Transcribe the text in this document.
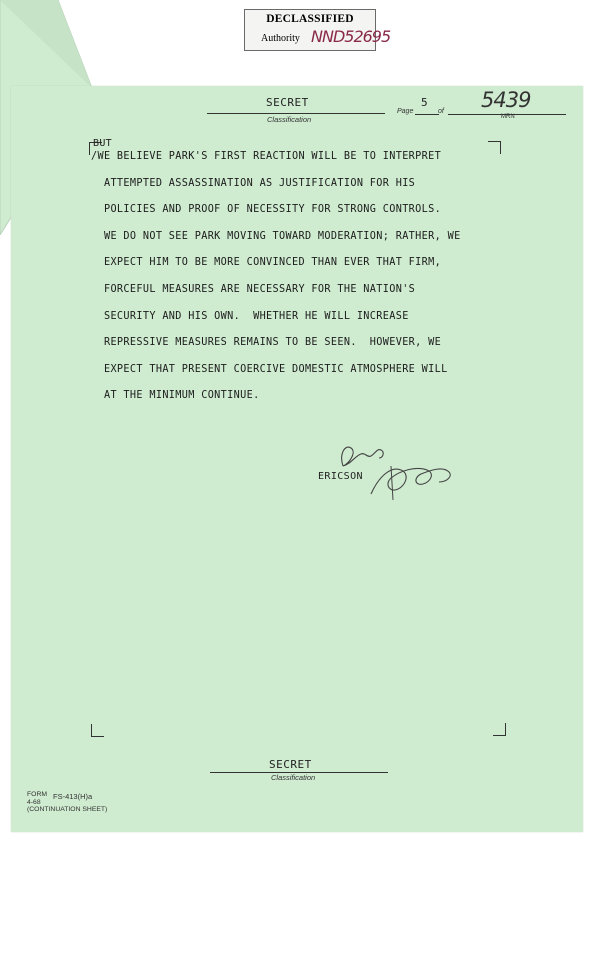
DECLASSIFIED
Authority NND52695
SECRET
Classification
Page
5
of 5439
MRN
BUT
/WE BELIEVE PARK'S FIRST REACTION WILL BE TO INTERPRET
ATTEMPTED ASSASSINATION AS JUSTIFICATION FOR HIS
POLICIES AND PROOF OF NECESSITY FOR STRONG CONTROLS.
WE DO NOT SEE PARK MOVING TOWARD MODERATION; RATHER, WE
EXPECT HIM TO BE MORE CONVINCED THAN EVER THAT FIRM,
FORCEFUL MEASURES ARE NECESSARY FOR THE NATION'S
SECURITY AND HIS OWN.  WHETHER HE WILL INCREASE
REPRESSIVE MEASURES REMAINS TO BE SEEN.  HOWEVER, WE
EXPECT THAT PRESENT COERCIVE DOMESTIC ATMOSPHERE WILL
AT THE MINIMUM CONTINUE.
ERICSON
SECRET
Classification
FORM FS-413(H)a
4-68
(CONTINUATION SHEET)
